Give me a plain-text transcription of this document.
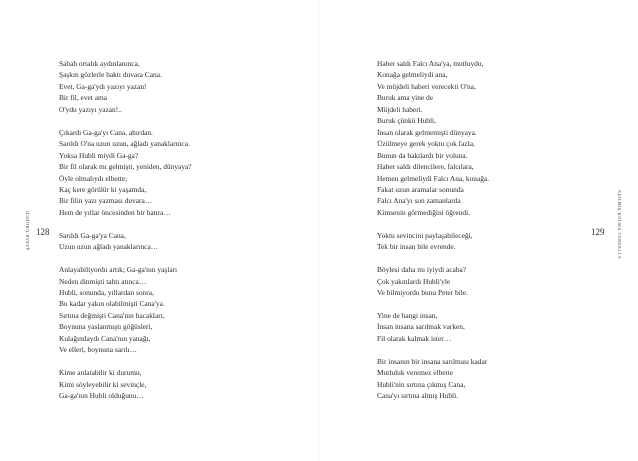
ŞAFAK ÜRGÜCÜ 128
Sabah ortalık aydınlanınca,
Şaşkın gözlerle baktı duvara Cana.
Evet, Ga-ga'ydı yazıyı yazan!
Bir fil, evet ama
O'ydu yazıyı yazan!..
Çıkardı Ga-ga'yı Cana, ahırdan.
Sarıldı O'na uzun uzun, ağladı yanaklarınca.
Yoksa Hubli miydi Ga-ga?
Bir fil olarak mı gelmişti, yeniden, dünyaya?
Öyle olmalıydı elbette;
Kaç kere görülür ki yaşamda,
Bir filin yazı yazması duvara…
Hem de yıllar öncesinden bir hatıra…
Sarıldı Ga-ga'ya Cana,
Uzun uzun ağladı yanaklarınca…
Anlayabiliyordu artık; Ga-ga'nın yaşları
Neden dinmişti tahtı atınca…
Hubli, sonunda, yıllardan sonra,
Bu kadar yakın olabilmişti Cana'ya.
Sırtına değmişti Cana'nın bacakları,
Boynuna yaslanmıştı göğüsleri,
Kulağındaydı Cana'nın yanağı,
Ve elleri, boynuna sarılı…
Kime anlatabilir ki durumu,
Kimi söyleyebilir ki sevinçle,
Ga-ga'nın Hubli olduğunu…
AŞILMIŞ KULMA VANGELİ S
129
Haber saldı Falcı Ana'ya, mutluydu,
Konağa gelmeliydi ana,
Ve müjdeli haberi verecekti O'na,
Buruk ama yine de
Müjdeli haberi.
Buruk çünkü Hubli,
İnsan olarak gelmemişti dünyaya.
Üzülmeye gerek yoktu çok fazla,
Bunun da bakılardı bir yoluna.
Haber saldı dilencilere, falcılara,
Hemen gelmeliydi Falcı Ana, konağa.
Fakat uzun aramalar sonunda
Falcı Ana'yı son zamanlarda
Kimsenin görmediğini öğrendi.
Yoktu sevincini paylaşabileceği,
Tek bir insan bile evrende.
Böylesi daha mı iyiydi acaba?
Çok yakınlardı Hubli'yle
Ve bilmiyordu bunu Peter bile.
Yine de hangi insan,
İnsan insana sarılmak varken,
Fil olarak kalmak ister…
Bir insanın bir insana sarılması kadar
Mutluluk veremez elbette
Hubli'nin sırtına çıkmış Cana,
Cana'yı sırtına almış Hubli.
